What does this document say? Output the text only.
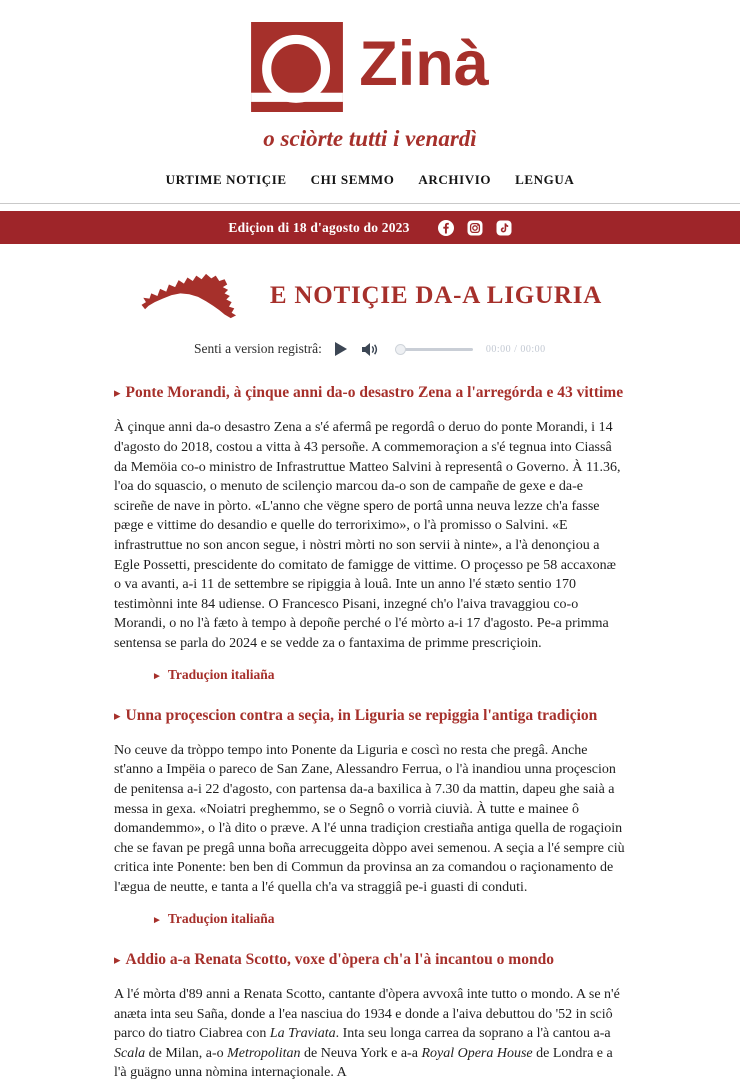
Zinà
o sciòrte tutti i venardì
URTIME NOTIÇIE CHI SEMMO ARCHIVIO LENGUA
Ediçion di 18 d'agosto do 2023
E NOTIÇIE DA-A LIGURIA
Senti a version registrâ:	00:00 / 00:00
▸ Ponte Morandi, à çinque anni da-o desastro Zena a l'arregórda e 43 vittime

À çinque anni da-o desastro Zena a s'é afermâ pe regordâ o deruo do ponte Morandi, i 14 d'agosto do 2018, costou a vitta à 43 persoñe. A commemoraçion a s'é tegnua into Ciassâ da Memöia co-o ministro de Infrastruttue Matteo Salvini à representâ o Governo. À 11.36, l'oa do squascio, o menuto de scilençio marcou da-o son de campañe de gexe e da-e scireñe de nave in pòrto. «L'anno che vëgne spero de portâ unna neuva lezze ch'a fasse pæge e vittime do desandio e quelle do terroriximo», o l'à promisso o Salvini. «E infrastruttue no son ancon segue, i nòstri mòrti no son servii à ninte», a l'à denonçiou a Egle Possetti, prescidente do comitato de famigge de vittime. O proçesso pe 58 accaxonæ o va avanti, a-i 11 de settembre se ripiggia à louâ. Inte un anno l'é stæto sentio 170 testimònni inte 84 udiense. O Francesco Pisani, inzegné ch'o l'aiva travaggiou co-o Morandi, o no l'à fæto à tempo à depoñe perché o l'é mòrto a-i 17 d'agosto. Pe-a primma sentensa se parla do 2024 e se vedde za o fantaxima de primme prescriçioin.

► Traduçion italiaña
▸ Unna proçescion contra a seçia, in Liguria se repiggia l'antiga tradiçion

No ceuve da tròppo tempo into Ponente da Liguria e coscì no resta che pregâ. Anche st'anno a Impëia o pareco de San Zane, Alessandro Ferrua, o l'à inandiou unna proçescion de penitensa a-i 22 d'agosto, con partensa da-a baxilica à 7.30 da mattin, dapeu ghe saià a messa in gexa. «Noiatri preghemmo, se o Segnô o vorrià ciuvià. À tutte e mainee ô domandemmo», o l'à dito o præve. A l'é unna tradiçion crestiaña antiga quella de rogaçioin che se favan pe pregâ unna boña arrecuggeita dòppo avei semenou. A seçia a l'é sempre ciù critica inte Ponente: ben ben di Commun da provinsa an za comandou o raçionamento de l'ægua de neutte, e tanta a l'é quella ch'a va straggiâ pe-i guasti di conduti.

► Traduçion italiaña
▸ Addio a-a Renata Scotto, voxe d'òpera ch'a l'à incantou o mondo

A l'é mòrta d'89 anni a Renata Scotto, cantante d'òpera avvoxâ inte tutto o mondo. A se n'é anæta inta seu Saña, donde a l'ea nasciua do 1934 e donde a l'aiva debuttou do '52 in sciô parco do tiatro Ciabrea con La Traviata. Inta seu longa carrea da soprano a l'à cantou a-a Scala de Milan, a-o Metropolitan de Neuva York e a-a Royal Opera House de Londra e a l'à guägno unna nòmina internaçionale. A
